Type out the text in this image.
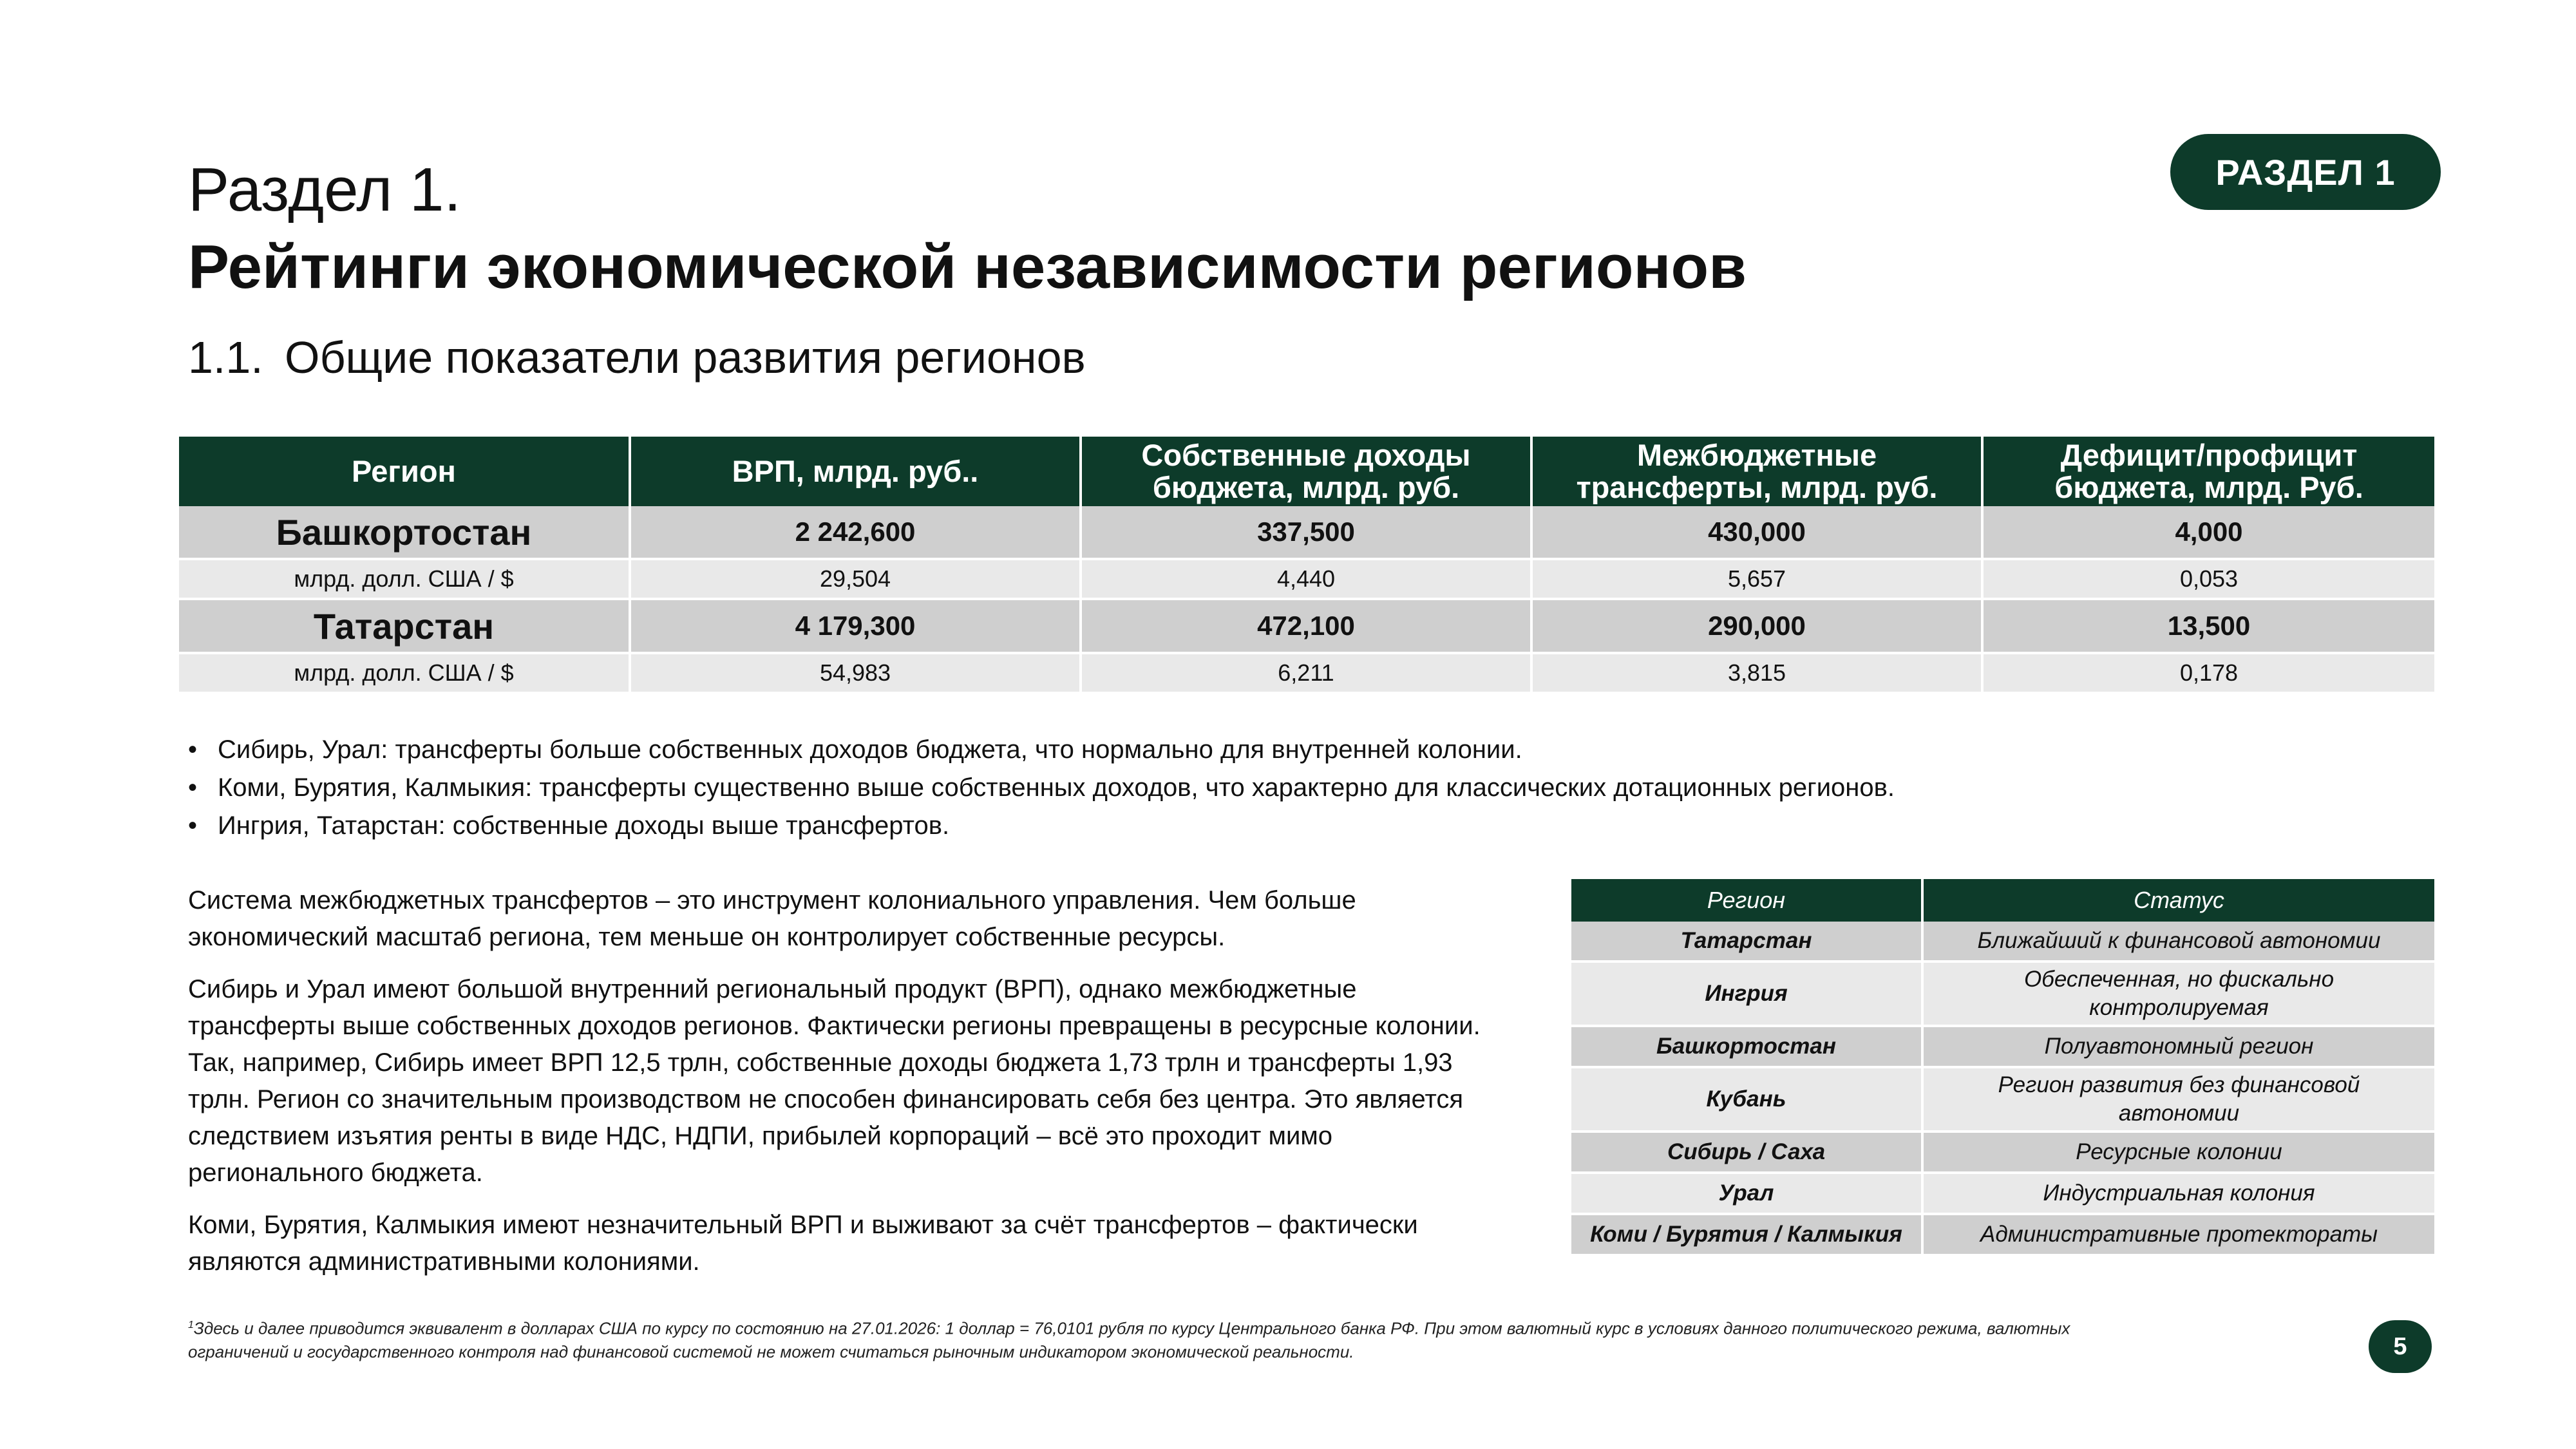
РАЗДЕЛ 1
Раздел 1.
Рейтинги экономической независимости регионов
1.1. Общие показатели развития регионов
Регион	ВРП, млрд. руб..	Собственные доходы бюджета, млрд. руб.	Межбюджетные трансферты, млрд. руб.	Дефицит/профицит бюджета, млрд. Руб.
Башкортостан	2 242,600	337,500	430,000	4,000
млрд. долл. США / $	29,504	4,440	5,657	0,053
Татарстан	4 179,300	472,100	290,000	13,500
млрд. долл. США / $	54,983	6,211	3,815	0,178
• Сибирь, Урал: трансферты больше собственных доходов бюджета, что нормально для внутренней колонии.
• Коми, Бурятия, Калмыкия: трансферты существенно выше собственных доходов, что характерно для классических дотационных регионов.
• Ингрия, Татарстан: собственные доходы выше трансфертов.

Система межбюджетных трансфертов – это инструмент колониального управления. Чем больше экономический масштаб региона, тем меньше он контролирует собственные ресурсы.

Сибирь и Урал имеют большой внутренний региональный продукт (ВРП), однако межбюджетные трансферты выше собственных доходов регионов. Фактически регионы превращены в ресурсные колонии. Так, например, Сибирь имеет ВРП 12,5 трлн, собственные доходы бюджета 1,73 трлн и трансферты 1,93 трлн. Регион со значительным производством не способен финансировать себя без центра. Это является следствием изъятия ренты в виде НДС, НДПИ, прибылей корпораций – всё это проходит мимо регионального бюджета.

Коми, Бурятия, Калмыкия имеют незначительный ВРП и выживают за счёт трансфертов – фактически являются административными колониями.

Регион	Статус
Татарстан	Ближайший к финансовой автономии
Ингрия	Обеспеченная, но фискально контролируемая
Башкортостан	Полуавтономный регион
Кубань	Регион развития без финансовой автономии
Сибирь / Саха	Ресурсные колонии
Урал	Индустриальная колония
Коми / Бурятия / Калмыкия	Административные протектораты
$^1$Здесь и далее приводится эквивалент в долларах США по курсу по состоянию на 27.01.2026: 1 доллар = 76,0101 рубля по курсу Центрального банка РФ. При этом валютный курс в условиях данного политического режима, валютных ограничений и государственного контроля над финансовой системой не может считаться рыночным индикатором экономической реальности.	5
